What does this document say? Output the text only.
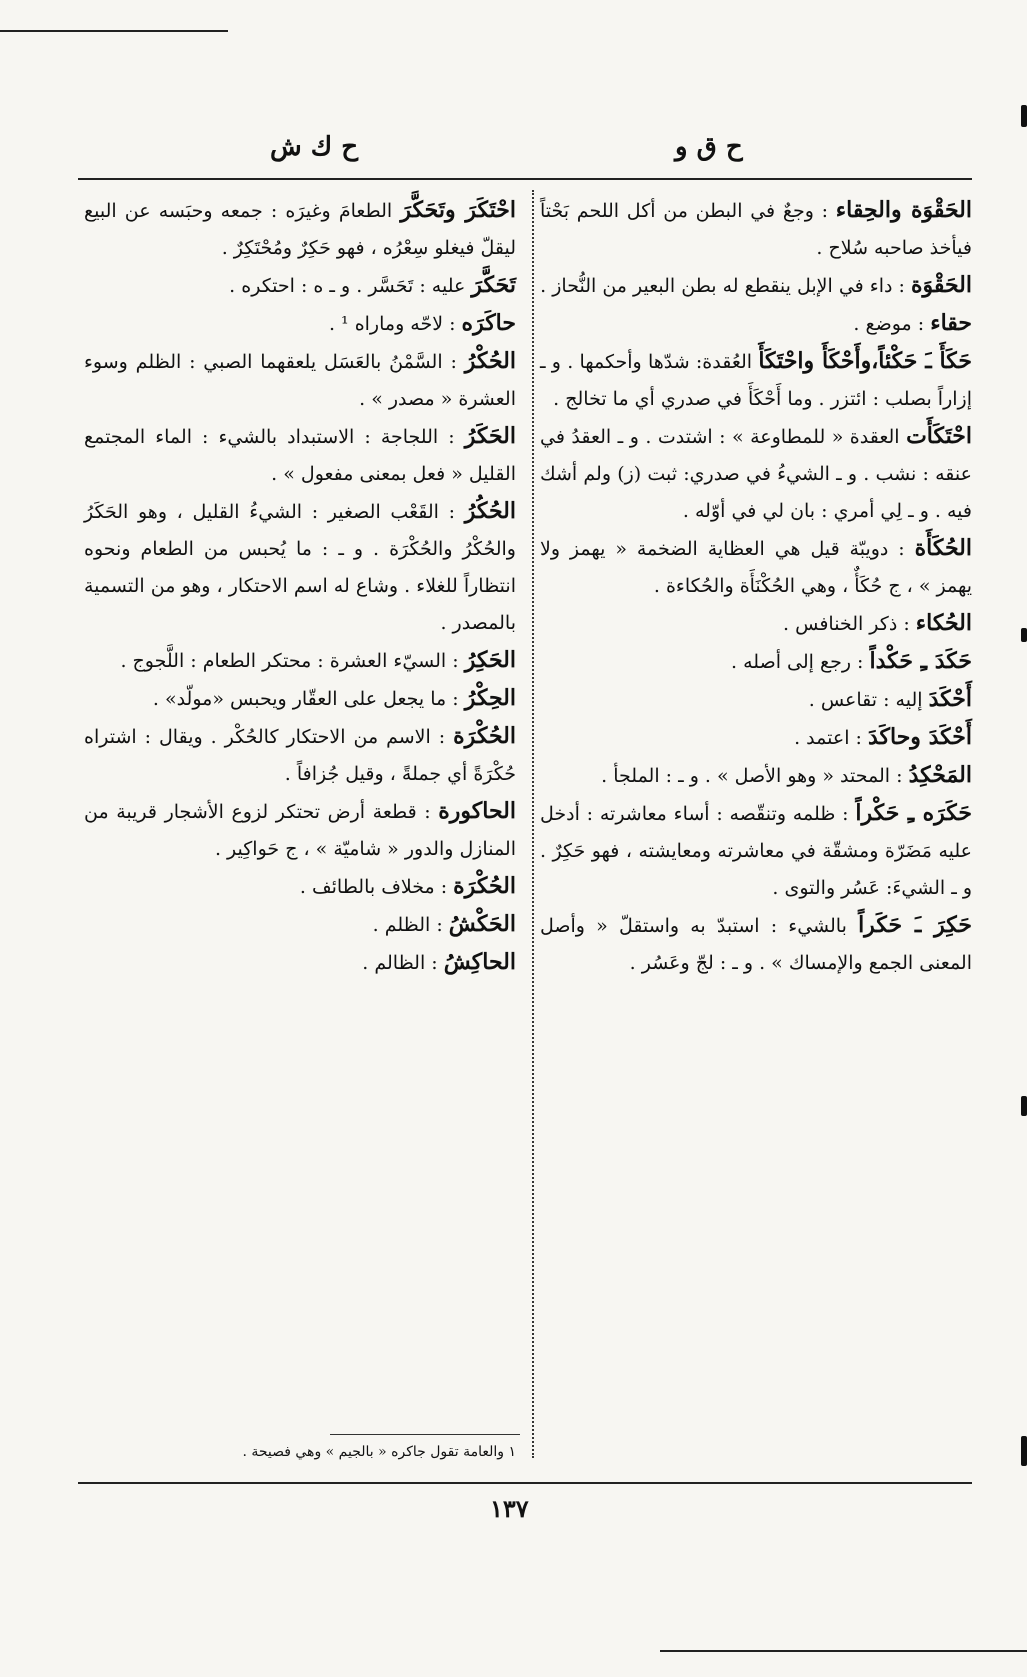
ح ك ش	ح ق و

الحَقْوَة والحِقاء : وجعٌ في البطن من أكل اللحم بَحْتاً فيأخذ صاحبه سُلاح .

الحَقْوَة : داء في الإبل ينقطع له بطن البعير من النُّحاز .

حقاء : موضع .

حَكَأَ ـَ حَكْئاً،وأَحْكَأَ واحْتَكَأَ العُقدة: شدّها وأحكمها . و ـ إزاراً بصلب : ائتزر . وما أَحْكَأَ في صدري أي ما تخالج .

احْتَكَأَت العقدة « للمطاوعة » : اشتدت . و ـ العقدُ في عنقه : نشب . و ـ الشيءُ في صدري: ثبت (ز) ولم أشك فيه . و ـ لِي أمري : بان لي في أوّله .

الحُكَأَة : دويبّة قيل هي العظاية الضخمة « يهمز ولا يهمز » ، ج حُكَأٌ ، وهي الحُكْنَأَة والحُكاءة .

الحُكاء : ذكر الخنافس .

حَكَدَ ـِ حَكْداً : رجع إلى أصله .

أَحْكَدَ إليه : تقاعس .

أَحْكَدَ وحاكَدَ : اعتمد .

المَحْكِدُ : المحتد « وهو الأصل » . و ـ : الملجأ .

حَكَرَه ـِ حَكْراً : ظلمه وتنقّصه : أساء معاشرته : أدخل عليه مَضَرّة ومشقّة في معاشرته ومعايشته ، فهو حَكِرٌ . و ـ الشيءَ: عَسُر والتوى .

حَكِرَ ـَ حَكَراً بالشيء : استبدّ به واستقلّ « وأصل المعنى الجمع والإمساك » . و ـ : لجّ وعَسُر .

احْتَكَرَ وتَحَكَّرَ الطعامَ وغيرَه : جمعه وحبَسه عن البيع ليقلّ فيغلو سِعْرُه ، فهو حَكِرٌ ومُحْتَكِرٌ .

تَحَكَّرَ عليه : تَحَسَّر . و ـ ه : احتكره .

حاكَرَه : لاحّه وماراه ¹ .

الحُكْرُ : السَّمْنُ بالعَسَل يلعقهما الصبي : الظلم وسوء العشرة « مصدر » .

الحَكَرُ : اللجاجة : الاستبداد بالشيء : الماء المجتمع القليل « فعل بمعنى مفعول » .

الحُكُرُ : القَعْب الصغير : الشيءُ القليل ، وهو الحَكَرُ والحُكْرُ والحُكْرَة . و ـ : ما يُحبس من الطعام ونحوه انتظاراً للغلاء . وشاع له اسم الاحتكار ، وهو من التسمية بالمصدر .

الحَكِرُ : السيّء العشرة : محتكر الطعام : اللَّجوج .

الحِكْرُ : ما يجعل على العقّار ويحبس «مولّد» .

الحُكْرَة : الاسم من الاحتكار كالحُكْر . ويقال : اشتراه حُكْرَةً أي جملةً ، وقيل جُزافاً .

الحاكورة : قطعة أرض تحتكر لزوع الأشجار قريبة من المنازل والدور « شاميّة » ، ج حَواكِير .

الحُكْرَة : مخلاف بالطائف .

الحَكْشُ : الظلم .

الحاكِشُ : الظالم .

١ والعامة تقول جاكره « بالجيم » وهي فصيحة .
١٣٧
